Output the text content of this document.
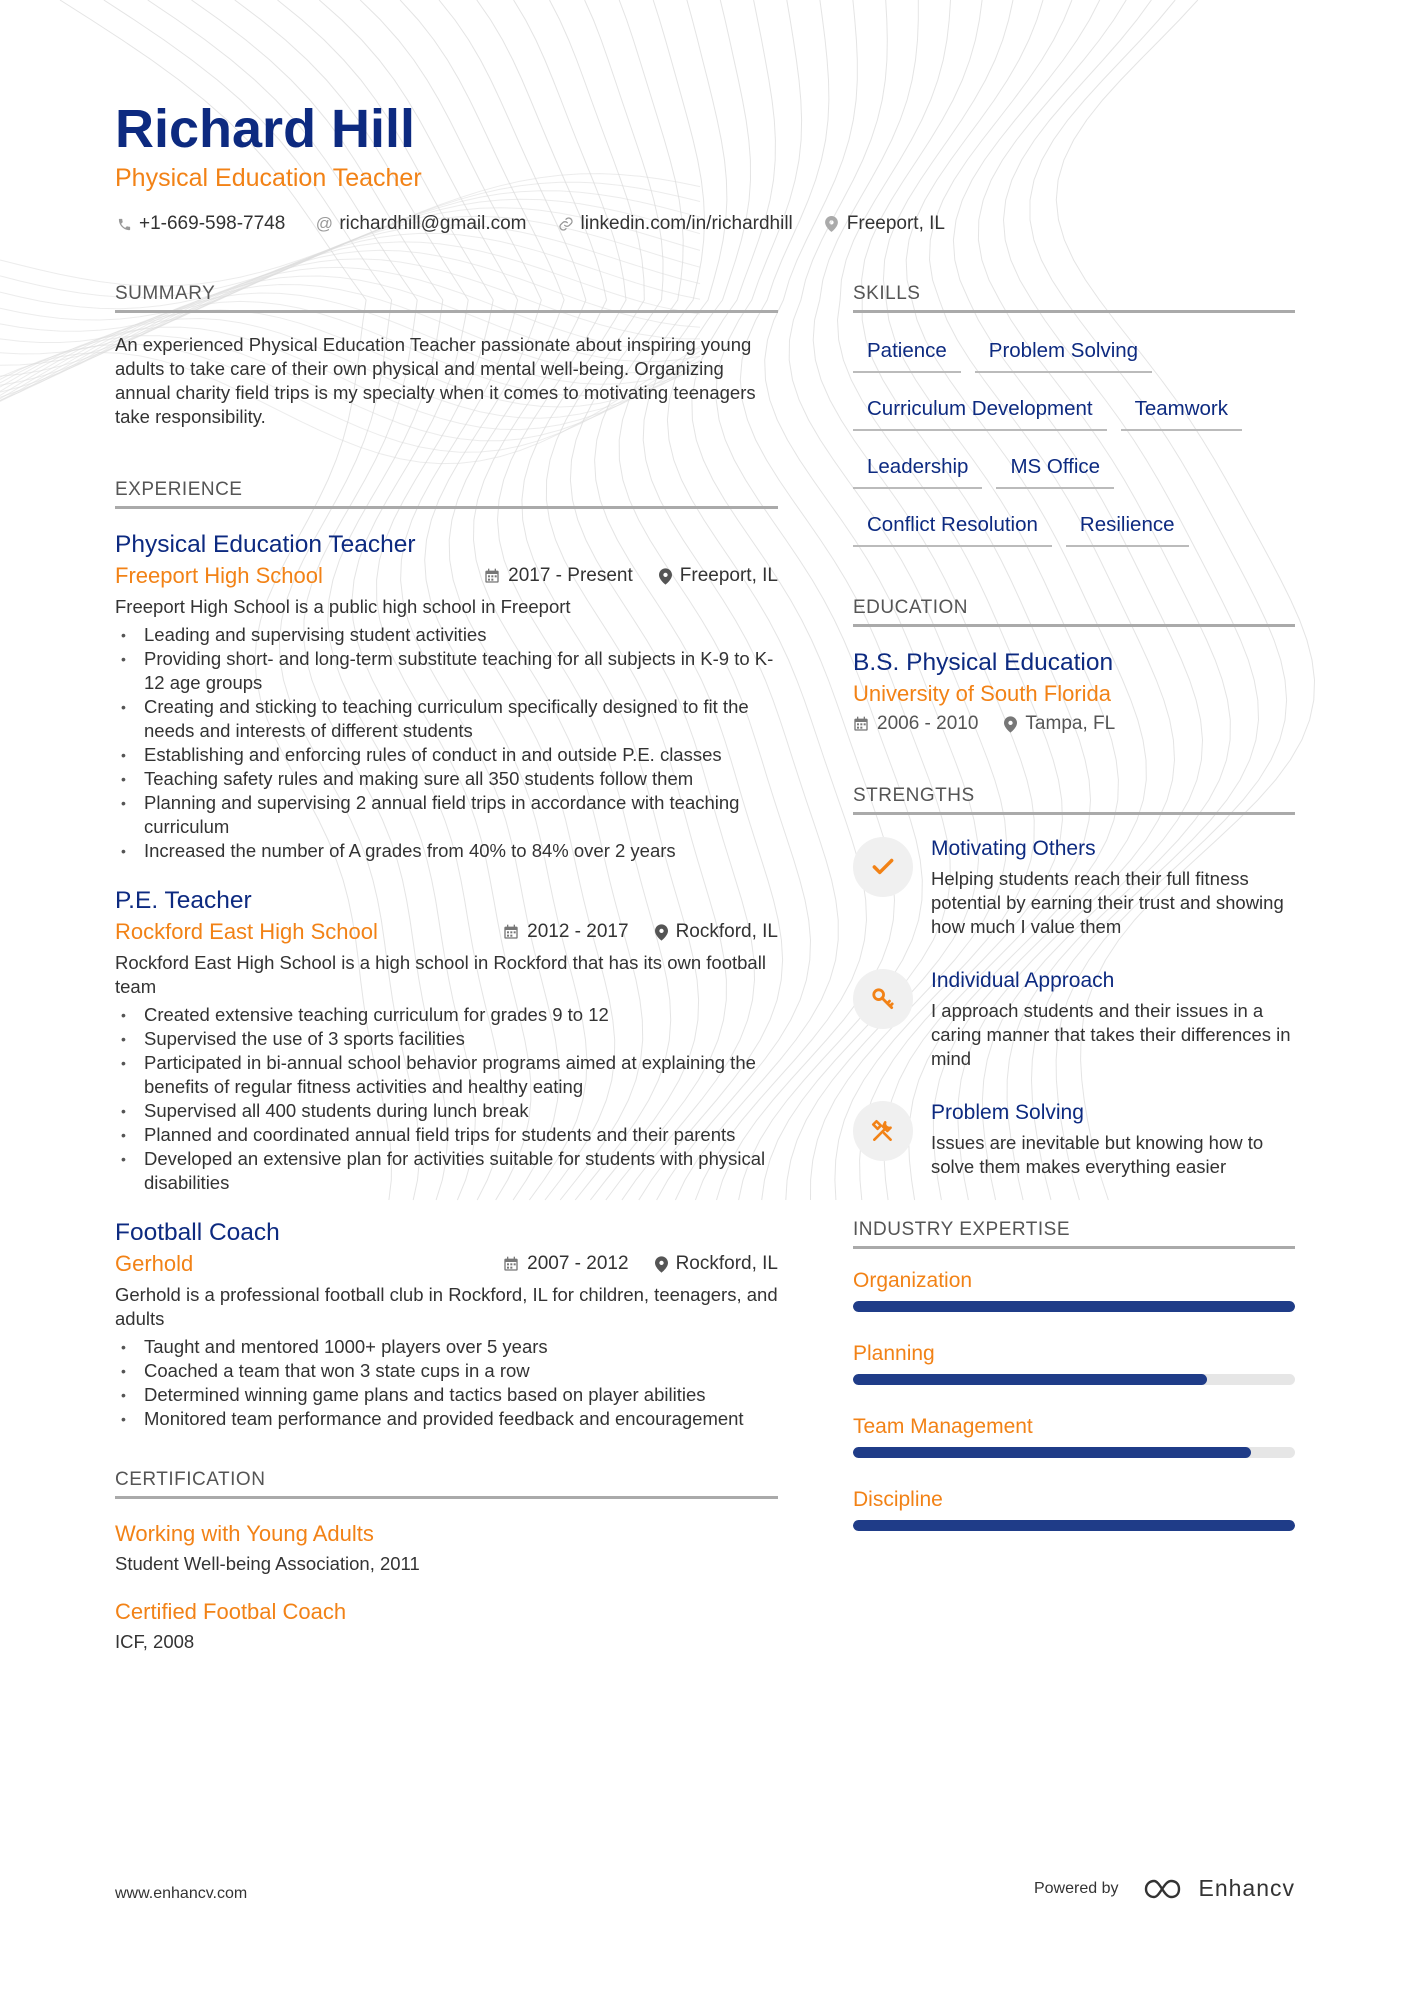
Richard Hill
Physical Education Teacher
+1-669-598-7748 @ richardhill@gmail.com	linkedin.com/in/richardhill	Freeport, IL
SUMMARY
An experienced Physical Education Teacher passionate about inspiring young adults to take care of their own physical and mental well-being. Organizing annual charity field trips is my specialty when it comes to motivating teenagers take responsibility.
EXPERIENCE
Physical Education Teacher
Freeport High School	2017 - Present Freeport, IL
Freeport High School is a public high school in Freeport
• Leading and supervising student activities
• Providing short- and long-term substitute teaching for all subjects in K-9 to K-12 age groups
• Creating and sticking to teaching curriculum specifically designed to fit the needs and interests of different students
• Establishing and enforcing rules of conduct in and outside P.E. classes
• Teaching safety rules and making sure all 350 students follow them
• Planning and supervising 2 annual field trips in accordance with teaching curriculum
• Increased the number of A grades from 40% to 84% over 2 years
P.E. Teacher
Rockford East High School	2012 - 2017 Rockford, IL
Rockford East High School is a high school in Rockford that has its own football team
• Created extensive teaching curriculum for grades 9 to 12
• Supervised the use of 3 sports facilities
• Participated in bi-annual school behavior programs aimed at explaining the benefits of regular fitness activities and healthy eating
• Supervised all 400 students during lunch break
• Planned and coordinated annual field trips for students and their parents
• Developed an extensive plan for activities suitable for students with physical disabilities
Football Coach
Gerhold	2007 - 2012 Rockford, IL
Gerhold is a professional football club in Rockford, IL for children, teenagers, and adults
• Taught and mentored 1000+ players over 5 years
• Coached a team that won 3 state cups in a row
• Determined winning game plans and tactics based on player abilities
• Monitored team performance and provided feedback and encouragement
CERTIFICATION
Working with Young Adults
Student Well-being Association, 2011
Certified Footbal Coach
ICF, 2008
SKILLS
Patience	Problem Solving
Curriculum Development	Teamwork
Leadership	MS Office
Conflict Resolution	Resilience
EDUCATION
B.S. Physical Education
University of South Florida
2006 - 2010 Tampa, FL
STRENGTHS
Motivating Others
Helping students reach their full fitness potential by earning their trust and showing how much I value them
Individual Approach
I approach students and their issues in a caring manner that takes their differences in mind
Problem Solving
Issues are inevitable but knowing how to solve them makes everything easier
INDUSTRY EXPERTISE
Organization
Planning
Team Management
Discipline
www.enhancv.com	Powered by	Enhancv
